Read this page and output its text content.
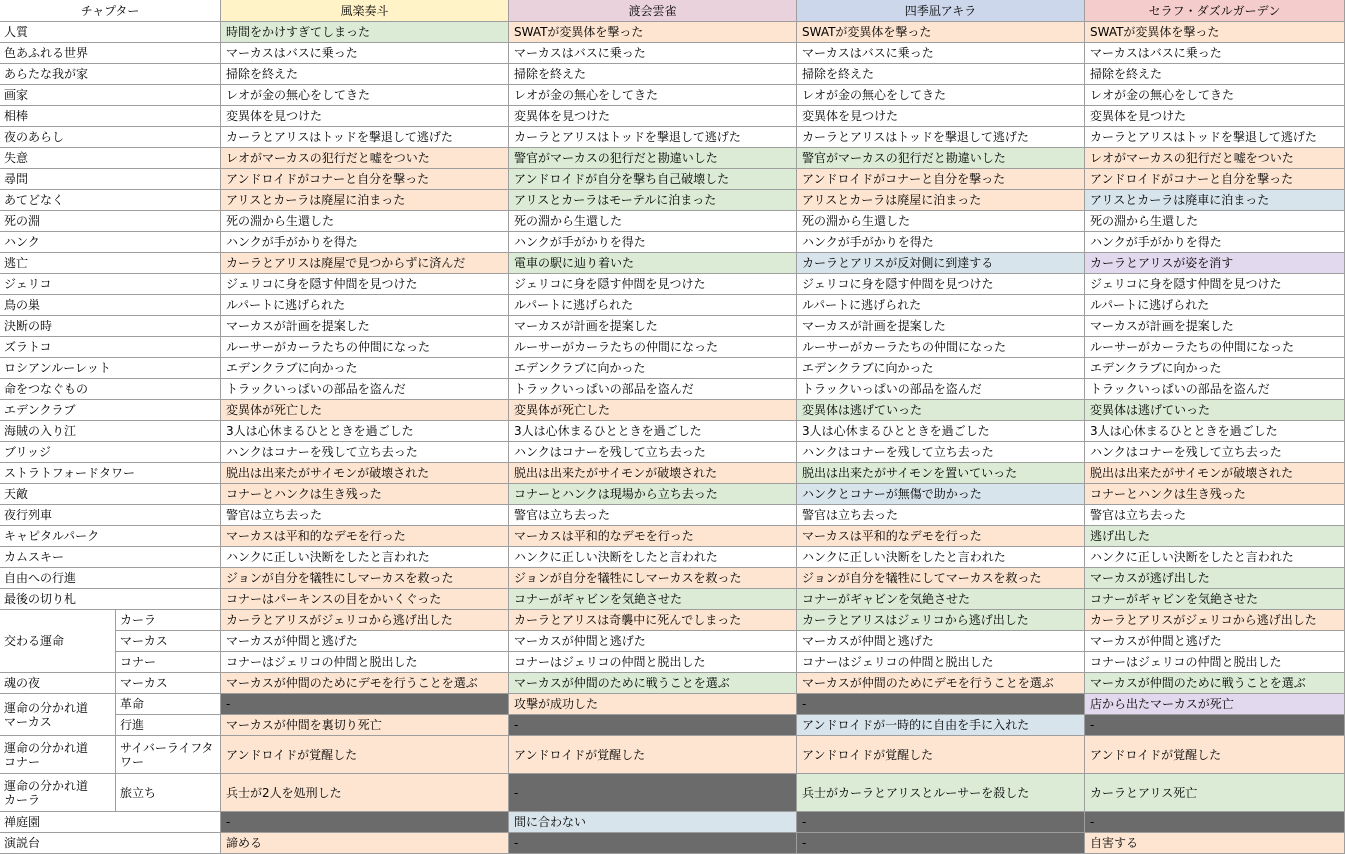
チャプター	風楽奏斗	渡会雲雀	四季凪アキラ	セラフ・ダズルガーデン
人質	時間をかけすぎてしまった	SWATが変異体を撃った	SWATが変異体を撃った	SWATが変異体を撃った
色あふれる世界	マーカスはバスに乗った	マーカスはバスに乗った	マーカスはバスに乗った	マーカスはバスに乗った
あらたな我が家	掃除を終えた	掃除を終えた	掃除を終えた	掃除を終えた
画家	レオが金の無心をしてきた	レオが金の無心をしてきた	レオが金の無心をしてきた	レオが金の無心をしてきた
相棒	変異体を見つけた	変異体を見つけた	変異体を見つけた	変異体を見つけた
夜のあらし	カーラとアリスはトッドを撃退して逃げた	カーラとアリスはトッドを撃退して逃げた	カーラとアリスはトッドを撃退して逃げた	カーラとアリスはトッドを撃退して逃げた
失意	レオがマーカスの犯行だと嘘をついた	警官がマーカスの犯行だと勘違いした	警官がマーカスの犯行だと勘違いした	レオがマーカスの犯行だと嘘をついた
尋問	アンドロイドがコナーと自分を撃った	アンドロイドが自分を撃ち自己破壊した	アンドロイドがコナーと自分を撃った	アンドロイドがコナーと自分を撃った
あてどなく	アリスとカーラは廃屋に泊まった	アリスとカーラはモーテルに泊まった	アリスとカーラは廃屋に泊まった	アリスとカーラは廃車に泊まった
死の淵	死の淵から生還した	死の淵から生還した	死の淵から生還した	死の淵から生還した
ハンク	ハンクが手がかりを得た	ハンクが手がかりを得た	ハンクが手がかりを得た	ハンクが手がかりを得た
逃亡	カーラとアリスは廃屋で見つからずに済んだ	電車の駅に辿り着いた	カーラとアリスが反対側に到達する	カーラとアリスが姿を消す
ジェリコ	ジェリコに身を隠す仲間を見つけた	ジェリコに身を隠す仲間を見つけた	ジェリコに身を隠す仲間を見つけた	ジェリコに身を隠す仲間を見つけた
鳥の巣	ルパートに逃げられた	ルパートに逃げられた	ルパートに逃げられた	ルパートに逃げられた
決断の時	マーカスが計画を提案した	マーカスが計画を提案した	マーカスが計画を提案した	マーカスが計画を提案した
ズラトコ	ルーサーがカーラたちの仲間になった	ルーサーがカーラたちの仲間になった	ルーサーがカーラたちの仲間になった	ルーサーがカーラたちの仲間になった
ロシアンルーレット	エデンクラブに向かった	エデンクラブに向かった	エデンクラブに向かった	エデンクラブに向かった
命をつなぐもの	トラックいっぱいの部品を盗んだ	トラックいっぱいの部品を盗んだ	トラックいっぱいの部品を盗んだ	トラックいっぱいの部品を盗んだ
エデンクラブ	変異体が死亡した	変異体が死亡した	変異体は逃げていった	変異体は逃げていった
海賊の入り江	3人は心休まるひとときを過ごした	3人は心休まるひとときを過ごした	3人は心休まるひとときを過ごした	3人は心休まるひとときを過ごした
ブリッジ	ハンクはコナーを残して立ち去った	ハンクはコナーを残して立ち去った	ハンクはコナーを残して立ち去った	ハンクはコナーを残して立ち去った
ストラトフォードタワー	脱出は出来たがサイモンが破壊された	脱出は出来たがサイモンが破壊された	脱出は出来たがサイモンを置いていった	脱出は出来たがサイモンが破壊された
天敵	コナーとハンクは生き残った	コナーとハンクは現場から立ち去った	ハンクとコナーが無傷で助かった	コナーとハンクは生き残った
夜行列車	警官は立ち去った	警官は立ち去った	警官は立ち去った	警官は立ち去った
キャピタルパーク	マーカスは平和的なデモを行った	マーカスは平和的なデモを行った	マーカスは平和的なデモを行った	逃げ出した
カムスキー	ハンクに正しい決断をしたと言われた	ハンクに正しい決断をしたと言われた	ハンクに正しい決断をしたと言われた	ハンクに正しい決断をしたと言われた
自由への行進	ジョンが自分を犠牲にしマーカスを救った	ジョンが自分を犠牲にしマーカスを救った	ジョンが自分を犠牲にしてマーカスを救った	マーカスが逃げ出した
最後の切り札	コナーはパーキンスの目をかいくぐった	コナーがギャビンを気絶させた	コナーがギャビンを気絶させた	コナーがギャビンを気絶させた
交わる運命
カーラ	カーラとアリスがジェリコから逃げ出した	カーラとアリスは奇襲中に死んでしまった	カーラとアリスはジェリコから逃げ出した	カーラとアリスがジェリコから逃げ出した
マーカス	マーカスが仲間と逃げた	マーカスが仲間と逃げた	マーカスが仲間と逃げた	マーカスが仲間と逃げた
コナー	コナーはジェリコの仲間と脱出した	コナーはジェリコの仲間と脱出した	コナーはジェリコの仲間と脱出した	コナーはジェリコの仲間と脱出した
魂の夜	マーカス	マーカスが仲間のためにデモを行うことを選ぶ	マーカスが仲間のために戦うことを選ぶ	マーカスが仲間のためにデモを行うことを選ぶ	マーカスが仲間のために戦うことを選ぶ
運命の分かれ道
マーカス
革命	-	攻撃が成功した	-	店から出たマーカスが死亡
行進	マーカスが仲間を裏切り死亡	-	アンドロイドが一時的に自由を手に入れた	-
運命の分かれ道
コナー
サイバーライフタワー	アンドロイドが覚醒した	アンドロイドが覚醒した	アンドロイドが覚醒した	アンドロイドが覚醒した
運命の分かれ道
カーラ	旅立ち	兵士が2人を処刑した	-	兵士がカーラとアリスとルーサーを殺した	カーラとアリス死亡
禅庭園	-	間に合わない	-	-
演説台	諦める	-	-	自害する
